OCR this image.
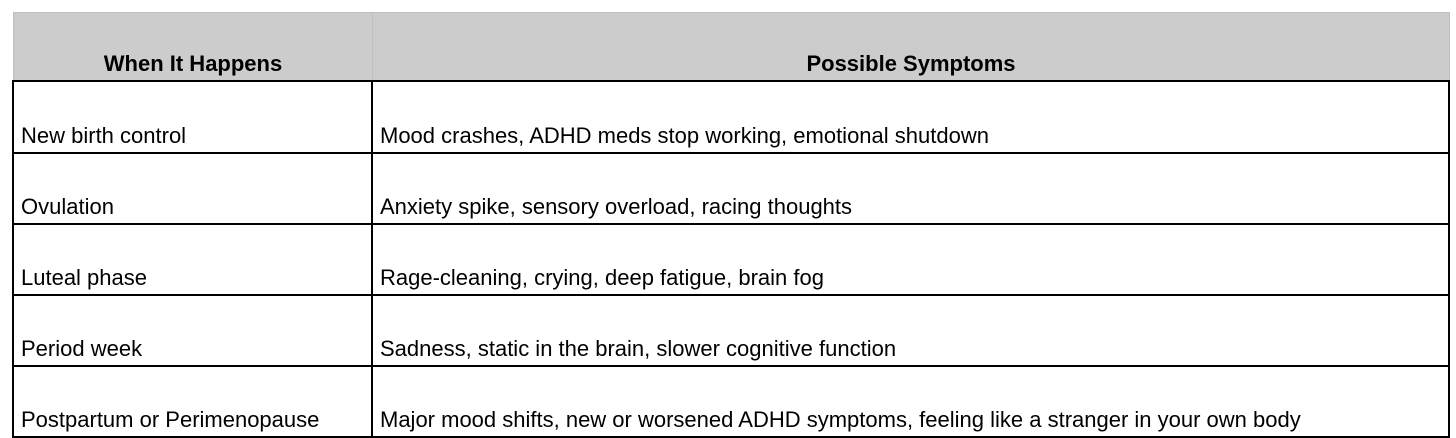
When It Happens	Possible Symptoms
New birth control	Mood crashes, ADHD meds stop working, emotional shutdown
Ovulation	Anxiety spike, sensory overload, racing thoughts
Luteal phase	Rage-cleaning, crying, deep fatigue, brain fog
Period week	Sadness, static in the brain, slower cognitive function
Postpartum or Perimenopause	Major mood shifts, new or worsened ADHD symptoms, feeling like a stranger in your own body
